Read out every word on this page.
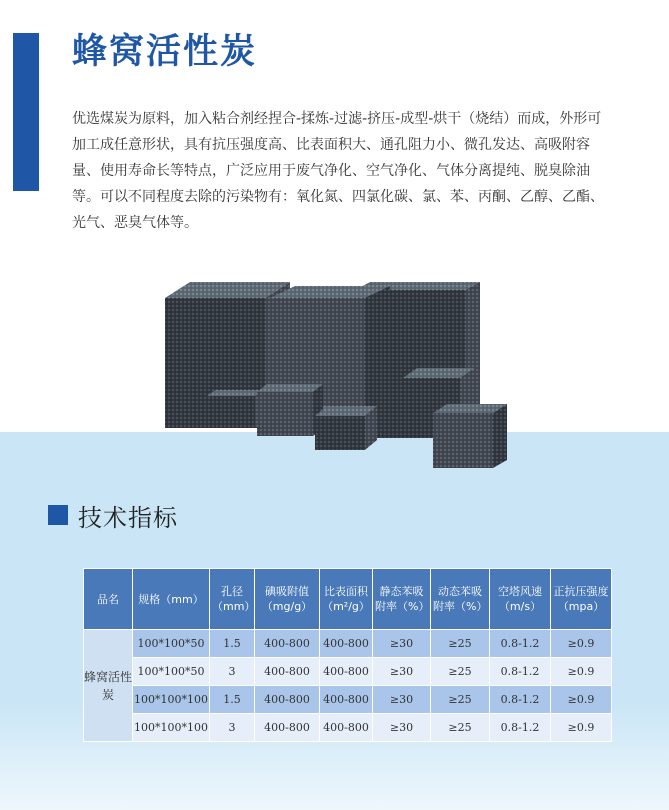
蜂窝活性炭

优选煤炭为原料，加入粘合剂经捏合-揉炼-过滤-挤压-成型-烘干（烧结）而成，外形可加工成任意形状，具有抗压强度高、比表面积大、通孔阻力小、微孔发达、高吸附容量、使用寿命长等特点，广泛应用于废气净化、空气净化、气体分离提纯、脱臭除油等。可以不同程度去除的污染物有：氧化氮、四氯化碳、氯、苯、丙酮、乙醇、乙酯、光气、恶臭气体等。

技术指标
品名	规格（mm）	孔径（mm）	碘吸附值（mg/g）	比表面积（m²/g）	静态苯吸附率（%）	动态苯吸附率（%）	空塔风速（m/s）	正抗压强度（mpa）
蜂窝活性炭	100*100*50	1.5	400-800	400-800	≥30	≥25	0.8-1.2	≥0.9
	100*100*50	3	400-800	400-800	≥30	≥25	0.8-1.2	≥0.9
	100*100*100	1.5	400-800	400-800	≥30	≥25	0.8-1.2	≥0.9
	100*100*100	3	400-800	400-800	≥30	≥25	0.8-1.2	≥0.9
